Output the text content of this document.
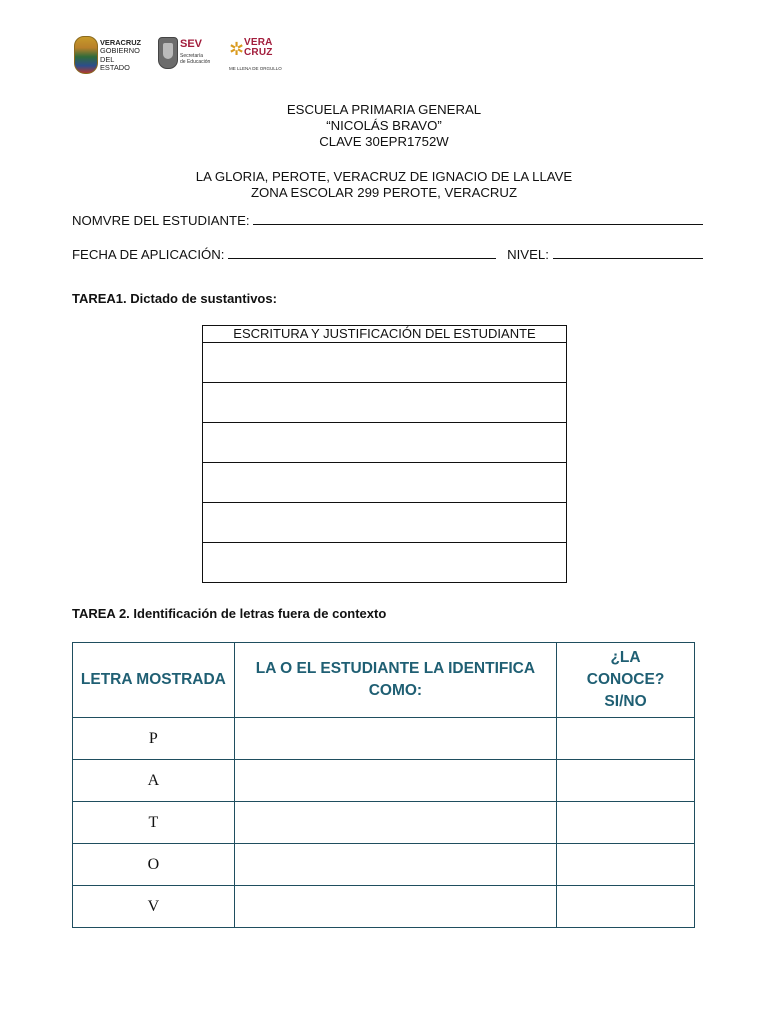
VERACRUZ
GOBIERNO
DEL ESTADO
SEV
Secretaría
de Educación
✲ VERA
CRUZ
ME LLENA DE ORGULLO
ESCUELA PRIMARIA GENERAL
“NICOLÁS BRAVO”
CLAVE 30EPR1752W
LA GLORIA, PEROTE, VERACRUZ DE IGNACIO DE LA LLAVE
ZONA ESCOLAR 299 PEROTE, VERACRUZ
NOMVRE DEL ESTUDIANTE:
FECHA DE APLICACIÓN:	NIVEL:
TAREA1. Dictado de sustantivos:
ESCRITURA Y JUSTIFICACIÓN DEL ESTUDIANTE

TAREA 2. Identificación de letras fuera de contexto
LETRA MOSTRADA	LA O EL ESTUDIANTE LA IDENTIFICA COMO:	¿LA CONOCE? SI/NO
P		
A		
T		
O		
V		
